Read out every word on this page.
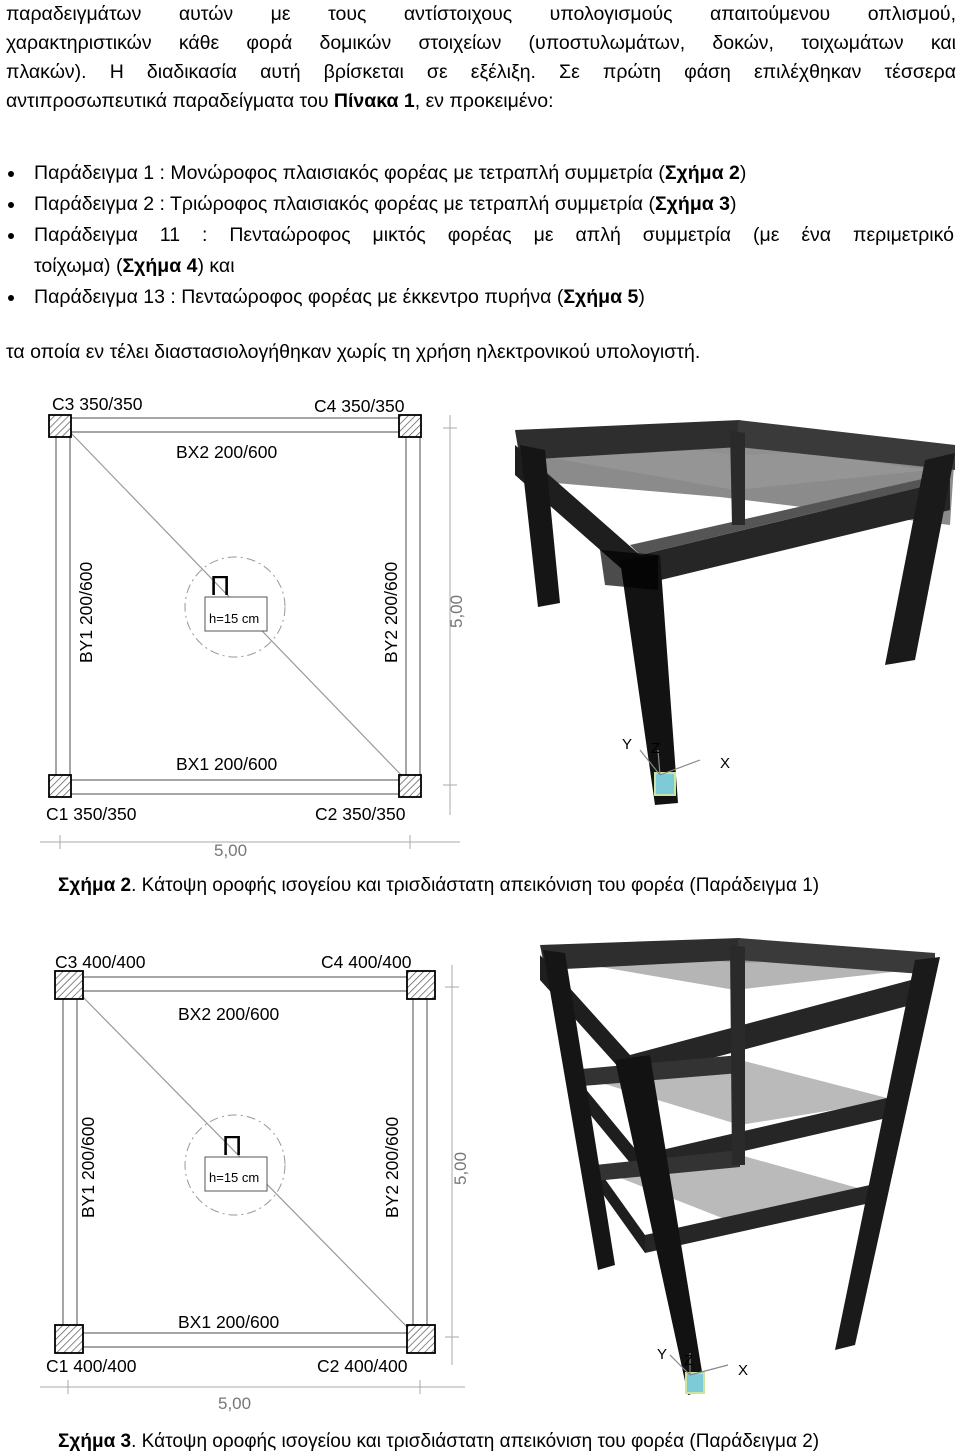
παραδειγμάτων αυτών με τους αντίστοιχους υπολογισμούς απαιτούμενου οπλισμού,
χαρακτηριστικών κάθε φορά δομικών στοιχείων (υποστυλωμάτων, δοκών, τοιχωμάτων και
πλακών). Η διαδικασία αυτή βρίσκεται σε εξέλιξη. Σε πρώτη φάση επιλέχθηκαν τέσσερα
αντιπροσωπευτικά παραδείγματα του Πίνακα 1, εν προκειμένο:
Παράδειγμα 1 : Μονώροφος πλαισιακός φορέας με τετραπλή συμμετρία (Σχήμα 2)
Παράδειγμα 2 : Τριώροφος πλαισιακός φορέας με τετραπλή συμμετρία (Σχήμα 3)
Παράδειγμα 11 : Πενταώροφος μικτός φορέας με απλή συμμετρία (με ένα περιμετρικό
τοίχωμα) (Σχήμα 4) και
Παράδειγμα 13 : Πενταώροφος φορέας με έκκεντρο πυρήνα (Σχήμα 5)

τα οποία εν τέλει διαστασιολογήθηκαν χωρίς τη χρήση ηλεκτρονικού υπολογιστή.

Π
h=15 cm
C3 350/350	C4 350/350
C1 350/350	C2 350/350
BX2 200/600
BX1 200/600
BY1 200/600	BY2 200/600
5,00
5,00
X
Y Z
Σχήμα 2. Κάτοψη οροφής ισογείου και τρισδιάστατη απεικόνιση του φορέα (Παράδειγμα 1)
Π
h=15 cm
C3 400/400	C4 400/400
C1 400/400	C2 400/400
BX2 200/600
BX1 200/600
BY1 200/600	BY2 200/600
5,00
5,00
X
Y Z
Σχήμα 3. Κάτοψη οροφής ισογείου και τρισδιάστατη απεικόνιση του φορέα (Παράδειγμα 2)
